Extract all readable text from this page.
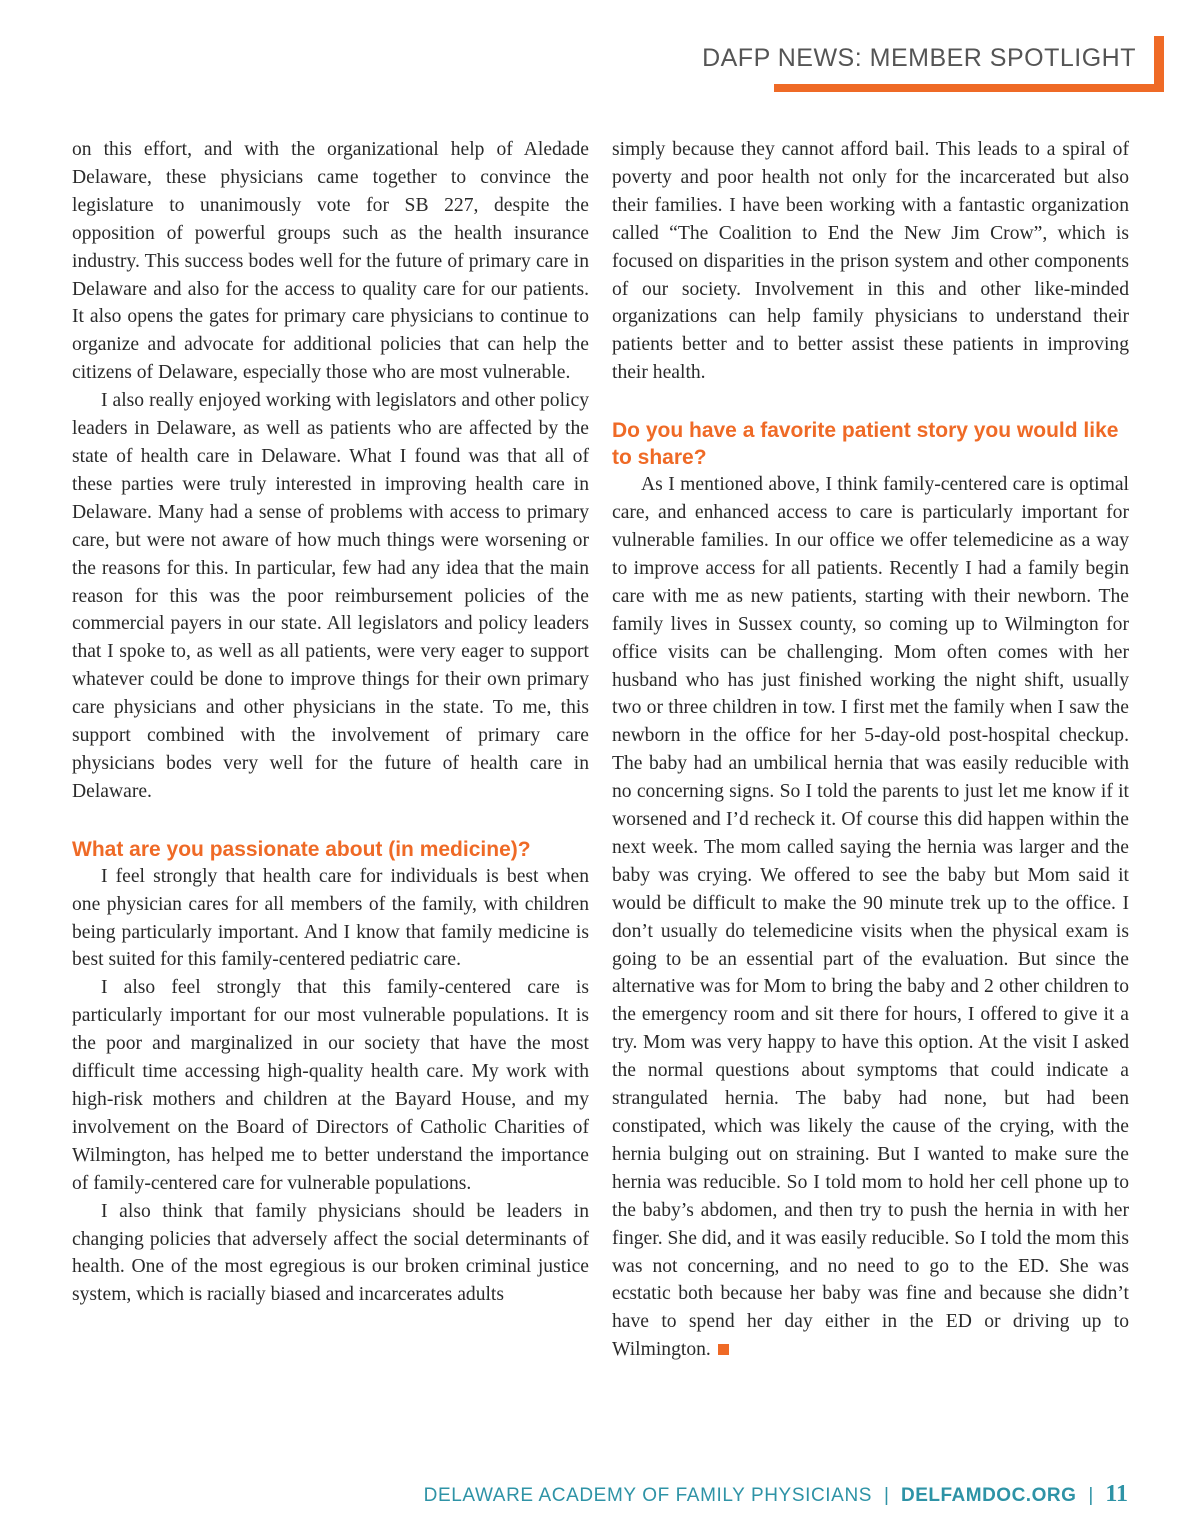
DAFP NEWS: MEMBER SPOTLIGHT

on this effort, and with the organizational help of Aledade Delaware, these physicians came together to convince the legislature to unanimously vote for SB 227, despite the opposition of powerful groups such as the health insurance industry. This success bodes well for the future of primary care in Delaware and also for the access to quality care for our patients. It also opens the gates for primary care physicians to continue to organize and advocate for additional policies that can help the citizens of Delaware, especially those who are most vulnerable.

I also really enjoyed working with legislators and other policy leaders in Delaware, as well as patients who are affected by the state of health care in Delaware. What I found was that all of these parties were truly interested in improving health care in Delaware. Many had a sense of problems with access to primary care, but were not aware of how much things were worsening or the reasons for this. In particular, few had any idea that the main reason for this was the poor reimbursement policies of the commercial payers in our state. All legislators and policy leaders that I spoke to, as well as all patients, were very eager to support whatever could be done to improve things for their own primary care physicians and other physicians in the state. To me, this support combined with the involvement of primary care physicians bodes very well for the future of health care in Delaware.

What are you passionate about (in medicine)?

I feel strongly that health care for individuals is best when one physician cares for all members of the family, with children being particularly important. And I know that family medicine is best suited for this family-centered pediatric care.

I also feel strongly that this family-centered care is particularly important for our most vulnerable populations. It is the poor and marginalized in our society that have the most difficult time accessing high-quality health care. My work with high-risk mothers and children at the Bayard House, and my involvement on the Board of Directors of Catholic Charities of Wilmington, has helped me to better understand the importance of family-centered care for vulnerable populations.

I also think that family physicians should be leaders in changing policies that adversely affect the social determinants of health. One of the most egregious is our broken criminal justice system, which is racially biased and incarcerates adults

simply because they cannot afford bail. This leads to a spiral of poverty and poor health not only for the incarcerated but also their families. I have been working with a fantastic organization called “The Coalition to End the New Jim Crow”, which is focused on disparities in the prison system and other components of our society. Involvement in this and other like-minded organizations can help family physicians to understand their patients better and to better assist these patients in improving their health.

Do you have a favorite patient story you would like to share?

As I mentioned above, I think family-centered care is optimal care, and enhanced access to care is particularly important for vulnerable families. In our office we offer telemedicine as a way to improve access for all patients. Recently I had a family begin care with me as new patients, starting with their newborn. The family lives in Sussex county, so coming up to Wilmington for office visits can be challenging. Mom often comes with her husband who has just finished working the night shift, usually two or three children in tow. I first met the family when I saw the newborn in the office for her 5-day-old post-hospital checkup. The baby had an umbilical hernia that was easily reducible with no concerning signs. So I told the parents to just let me know if it worsened and I’d recheck it. Of course this did happen within the next week. The mom called saying the hernia was larger and the baby was crying. We offered to see the baby but Mom said it would be difficult to make the 90 minute trek up to the office. I don’t usually do telemedicine visits when the physical exam is going to be an essential part of the evaluation. But since the alternative was for Mom to bring the baby and 2 other children to the emergency room and sit there for hours, I offered to give it a try. Mom was very happy to have this option. At the visit I asked the normal questions about symptoms that could indicate a strangulated hernia. The baby had none, but had been constipated, which was likely the cause of the crying, with the hernia bulging out on straining. But I wanted to make sure the hernia was reducible. So I told mom to hold her cell phone up to the baby’s abdomen, and then try to push the hernia in with her finger. She did, and it was easily reducible. So I told the mom this was not concerning, and no need to go to the ED. She was ecstatic both because her baby was fine and because she didn’t have to spend her day either in the ED or driving up to Wilmington.

DELAWARE ACADEMY OF FAMILY PHYSICIANS | DELFAMDOC.ORG | 11
